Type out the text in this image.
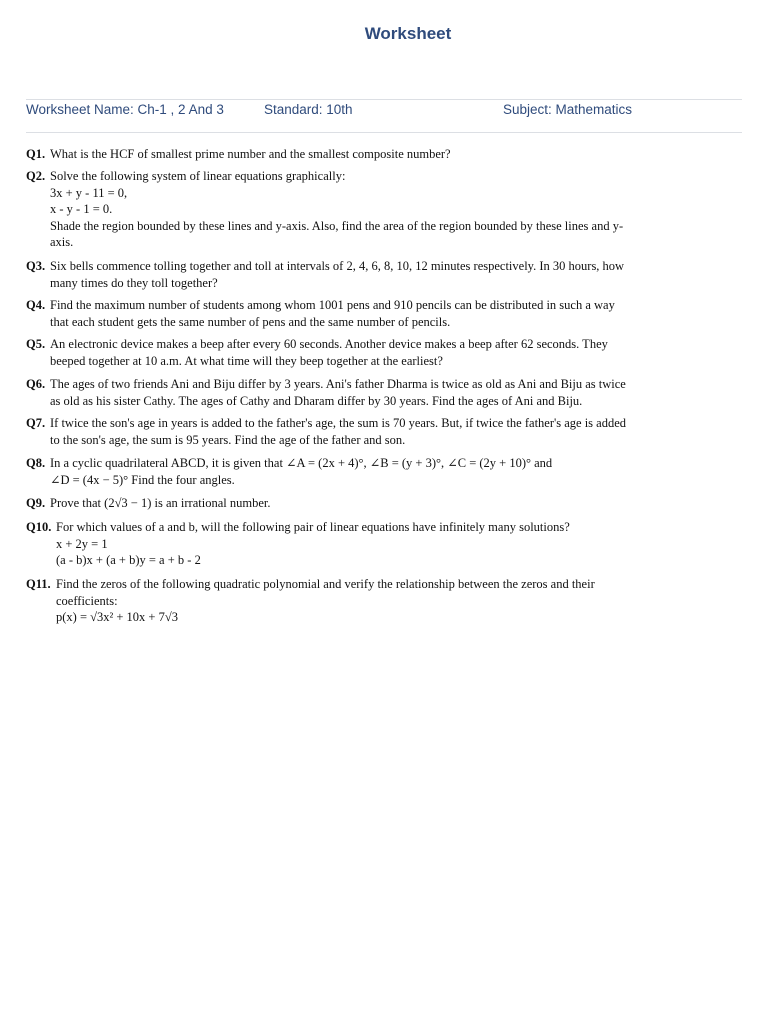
Worksheet
Worksheet Name: Ch-1 , 2 And 3	Standard: 10th	Subject: Mathematics
Q1. What is the HCF of smallest prime number and the smallest composite number?
Q2. Solve the following system of linear equations graphically:
3x + y - 11 = 0,
x - y - 1 = 0.
Shade the region bounded by these lines and y-axis. Also, find the area of the region bounded by these lines and y-
axis.
Q3. Six bells commence tolling together and toll at intervals of 2, 4, 6, 8, 10, 12 minutes respectively. In 30 hours, how
many times do they toll together?
Q4. Find the maximum number of students among whom 1001 pens and 910 pencils can be distributed in such a way
that each student gets the same number of pens and the same number of pencils.
Q5. An electronic device makes a beep after every 60 seconds. Another device makes a beep after 62 seconds. They
beeped together at 10 a.m. At what time will they beep together at the earliest?
Q6. The ages of two friends Ani and Biju differ by 3 years. Ani's father Dharma is twice as old as Ani and Biju as twice
as old as his sister Cathy. The ages of Cathy and Dharam differ by 30 years. Find the ages of Ani and Biju.
Q7. If twice the son's age in years is added to the father's age, the sum is 70 years. But, if twice the father's age is added
to the son's age, the sum is 95 years. Find the age of the father and son.
Q8. In a cyclic quadrilateral ABCD, it is given that ∠A = (2x + 4)°, ∠B = (y + 3)°, ∠C = (2y + 10)° and
∠D = (4x − 5)° Find the four angles.
Q9. Prove that (2√3 − 1) is an irrational number.
Q10. For which values of a and b, will the following pair of linear equations have infinitely many solutions?
x + 2y = 1
(a - b)x + (a + b)y = a + b - 2
Q11. Find the zeros of the following quadratic polynomial and verify the relationship between the zeros and their
coefficients:
p(x) = √3x² + 10x + 7√3
